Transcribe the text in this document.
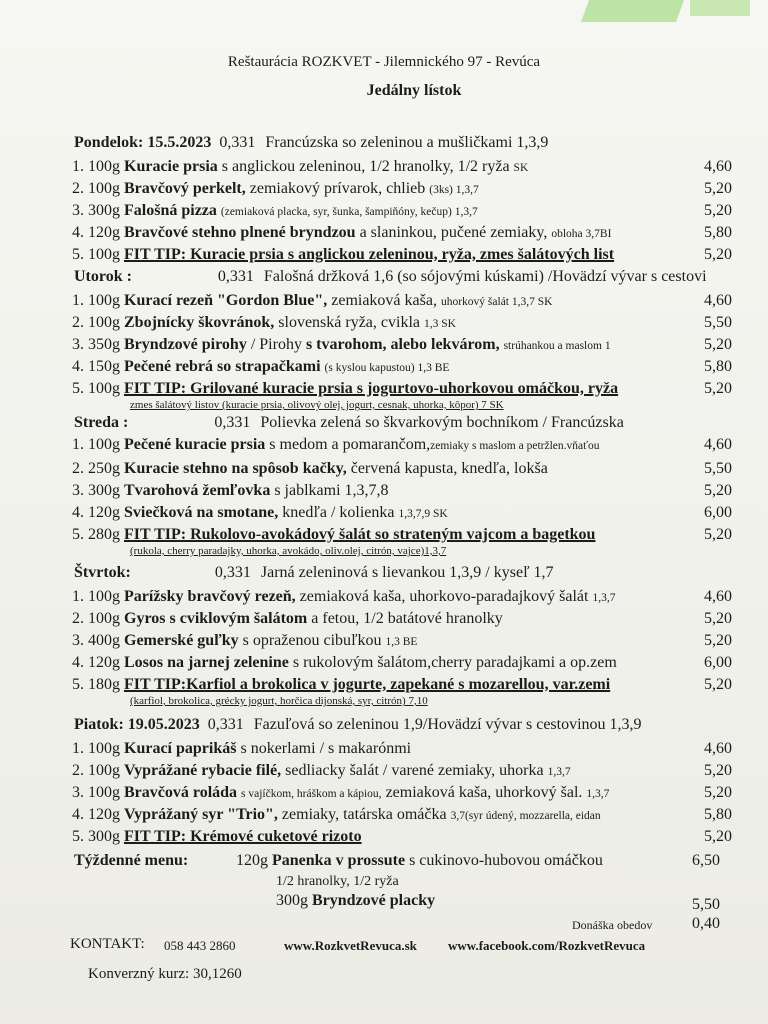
Reštaurácia ROZKVET - Jilemnického 97 - Revúca
Jedálny lístok
Pondelok: 15.5.2023 0,331 Francúzska so zeleninou a mušličkami 1,3,9
1. 100g Kuracie prsia s anglickou zeleninou, 1/2 hranolky, 1/2 ryža SK	4,60
2. 100g Bravčový perkelt, zemiakový prívarok, chlieb (3ks) 1,3,7	5,20
3. 300g Falošná pizza (zemiaková placka, syr, šunka, šampiňóny, kečup) 1,3,7	5,20
4. 120g Bravčové stehno plnené bryndzou a slaninkou, pučené zemiaky, obloha 3,7BI	5,80
5. 100g FIT TIP: Kuracie prsia s anglickou zeleninou, ryža, zmes šalátových list	5,20
Utorok :	0,331 Falošná držková 1,6 (so sójovými kúskami) /Hovädzí vývar s cestovi
1. 100g Kurací rezeň "Gordon Blue", zemiaková kaša, uhorkový šalát 1,3,7 SK	4,60
2. 100g Zbojnícky škovránok, slovenská ryža, cvikla 1,3 SK	5,50
3. 350g Bryndzové pirohy / Pirohy s tvarohom, alebo lekvárom, strúhankou a maslom 1	5,20
4. 150g Pečené rebrá so strapačkami (s kyslou kapustou) 1,3 BE	5,80
5. 100g FIT TIP: Grilované kuracie prsia s jogurtovo-uhorkovou omáčkou, ryža	5,20
zmes šalátový listov (kuracie prsia, olivový olej, jogurt, cesnak, uhorka, kôpor) 7 SK
Streda :	0,331 Polievka zelená so škvarkovým bochníkom / Francúzska
1. 100g Pečené kuracie prsia s medom a pomarančom,zemiaky s maslom a petržlen.vňaťou	4,60
2. 250g Kuracie stehno na spôsob kačky, červená kapusta, knedľa, lokša	5,50
3. 300g Tvarohová žemľovka s jablkami 1,3,7,8	5,20
4. 120g Sviečková na smotane, knedľa / kolienka 1,3,7,9 SK	6,00
5. 280g FIT TIP: Rukolovo-avokádový šalát so strateným vajcom a bagetkou	5,20
(rukola, cherry paradajky, uhorka, avokádo, oliv.olej, citrón, vajce)1,3,7
Štvrtok:	0,331 Jarná zeleninová s lievankou 1,3,9 / kyseľ 1,7
1. 100g Parížsky bravčový rezeň, zemiaková kaša, uhorkovo-paradajkový šalát 1,3,7	4,60
2. 100g Gyros s cviklovým šalátom a fetou, 1/2 batátové hranolky	5,20
3. 400g Gemerské guľky s opraženou cibuľkou 1,3 BE	5,20
4. 120g Losos na jarnej zelenine s rukolovým šalátom,cherry paradajkami a op.zem	6,00
5. 180g FIT TIP:Karfiol a brokolica v jogurte, zapekané s mozarellou, var.zemi	5,20
(karfiol, brokolica, grécky jogurt, horčica dijonská, syr, citrón) 7,10
Piatok: 19.05.2023 0,331 Fazuľová so zeleninou 1,9/Hovädzí vývar s cestovinou 1,3,9
1. 100g Kurací paprikáš s nokerlami / s makarónmi	4,60
2. 100g Vyprážané rybacie filé, sedliacky šalát / varené zemiaky, uhorka 1,3,7	5,20
3. 100g Bravčová roláda s vajíčkom, hráškom a kápiou, zemiaková kaša, uhorkový šal. 1,3,7	5,20
4. 120g Vyprážaný syr "Trio", zemiaky, tatárska omáčka 3,7(syr údený, mozzarella, eidan	5,80
5. 300g FIT TIP: Krémové cuketové rizoto	5,20
Týždenné menu:	120g Panenka v prossute s cukinovo-hubovou omáčkou	6,50
1/2 hranolky, 1/2 ryža
300g Bryndzové placky	5,50
Donáška obedov 0,40
KONTAKT: 058 443 2860	www.RozkvetRevuca.sk www.facebook.com/RozkvetRevuca
Konverzný kurz: 30,1260
